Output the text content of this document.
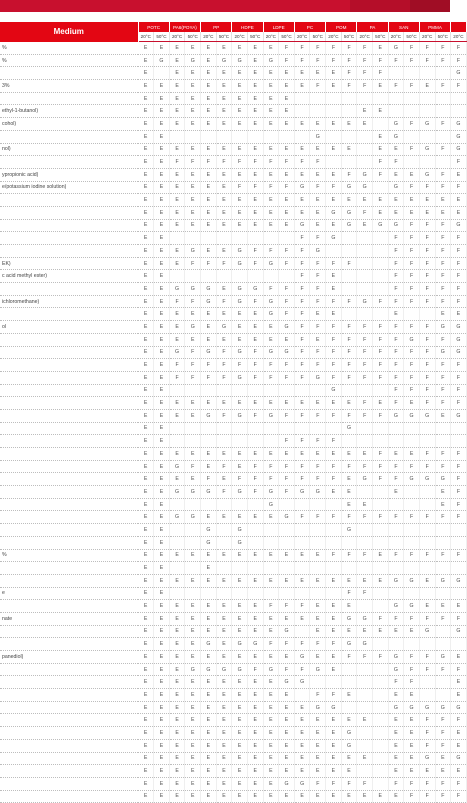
Medium	POTC		PA6(POYA)		PP		HDPE		LDPE		PC		POM		PA		SAN		PMMA		
	20°C	50°C	20°C	50°C	20°C	50°C	20°C	50°C	20°C	50°C	20°C	50°C	20°C	50°C	20°C	50°C	20°C	50°C	20°C	50°C	20°C
%	E	E	E	E	E	E	E	E	E	F	F	F	F	F	F	E	G	F	F	F	F
%	E	G	E	G	E	G	G	E	G	F	F	F	F	F	F	F	F	F	F	F	F
	E		E	E	E	E	E	E	E	E	E	E	E	F	F	F					G
3%	E	E	E	E	E	E	E	E	E	E	E	F	E	F	F	E	F	F	E	F	F
	E	E	E	E	E	E	E	E	E	E											
ethyl-1-butanol)	E	E	E	E	E	E	E	E	E	E					E	E					
cohol)	E	E	E	E	E	E	E	E	E	E	E	E	E	E	E		G	F	G	F	G
	E	E										G				E	G				G
nol)	E	E	E	E	E	E	E	E	E	E	E	E	E	E		E	E	F	G	F	G
	E	E	F	F	F	F	F	F	F	F	F	F				F	F				F
ypropionic acid)	E	E	E	E	E	E	E	E	E	E	E	E	E	F	G	F	E	E	G	F	E
e/potassium iodine solution)	E	E	E	E	E	E	F	F	F	F	G	F	F	G	G		G	F	F	F	F
	E	E	E	E	E	E	E	E	E	E	E	E	E	E	E	E	E	E	E	E	E
	E	E	E	E	E	E	E	E	E	E	E	E	G	G	F	E	E	E	E	E	E
	E	E	E	E	E	E	E	E	E	E	G	E	E	G	E	G	G	F	F	F	G
	E	E									F	F	G				F	F	F	F	F
	E	E	E	G	E	E	G	F	F	F	F	G					F	F	F	F	F
EK)	E	E	E	F	F	F	G	F	G	F	F	F	F	F			F	F	F	F	F
c acid methyl ester)	E	E									F	F	E				F	F	F	F	F
	E	E	G	G	G	E	G	G	F	F	F	F	E				F	F	F	F	F
ichloromethane)	E	E	F	F	G	F	G	F	G	F	F	F	F	F	G	F	F	F	F	F	F
	E	E	E	E	E	E	E	E	G	F	F	E	E				E			E	E
ol	E	E	E	G	E	G	E	E	E	G	F	F	F	F	F	F	F	F	F	G	G
	E	E	E	E	E	E	E	E	E	E	F	E	F	F	F	F	F	G	F	F	G
	E	E	G	F	G	F	G	F	G	G	F	F	F	F	F	F	F	F	F	G	G
	E	E	F	F	F	F	F	F	F	F	F	F	F	F	F	F	F	F	F	F	F
	E	E	F	F	F	F	G	F	F	F	F	G	F	F	F	F	F	F	F	F	F
	E	E											G				F	F	F	F	F
	E	E	E	E	E	E	E	E	E	E	E	E	E	E	F	E	F	E	F	F	F
	E	E	E	E	G	F	G	F	G	F	F	F	F	F	F	F	G	G	G	E	G
	E	E												G							
	E	E								F	F	F	F								
	E	E	E	E	E	E	E	E	E	E	E	E	E	E	E	F	E	E	F	F	F
	E	E	G	F	E	F	E	F	F	F	F	F	F	F	F	F	F	F	F	F	F
	E	E	E	E	F	E	F	F	F	F	F	F	F	E	G	F	F	G	G	G	F
	E	E	G	G	G	F	G	F	G	F	G	G	E	E			E			E	F
	E	E							G					E	E					E	F
	E	E	G	G	E	E	E	E	E	G	F	F	F	F	F	F	F	F	F	F	F
	E	E			G		G							G							
	E	E			G		G														
%	E	E	E	E	E	E	E	E	E	E	E	E	F	F	F	E	F	F	F	F	F
	E	E			E																
	E	E	E	E	E	E	E	E	E	E	E	E	E	E	E	E	G	G	E	G	G
e	E	E												F	F						
	E	E	E	E	E	E	E	E	F	F	F	E	E	E			G	G	E	E	E
nate	E	E	E	E	E	E	E	E	E	E	E	E	E	G	G	F	F	F	F	F	F
	E	E	E	E	E	E	E	E	E	G		E	E	E	E	E	E	E	G		G
	E	E	E	E	G	E	G	G	F	F	F	F	F	G	G						
panediol)	E	E	E	E	E	E	E	E	E	E	G	E	E	F	F	F	G	F	F	G	E
	E	E	E	G	G	G	G	F	G	F	F	G	E				G	F	F	F	F
	E	E	E	E	E	E	E	E	E	G	G						F	F			E
	E	E	E	E	E	E	E	E	E	E		F	F	E			E	E			E
	E	E	E	E	E	E	E	E	E	E	E	G	G				G	G	G	G	G
	E	E	E	E	E	E	E	E	E	E	E	E	E	E	E		E	E	F	F	F
	E	E	E	E	E	E	E	E	E	E	E	E	E	G			E	E	F	F	E
	E	E	E	E	E	E	E	E	E	E	E	E	E	G			E	E	F	F	E
	E	E	E	E	E	E	E	E	E	E	E	E	E	E	E		E	E	G	E	G
	E	E	E	E	E	E	E	E	E	E	E	E	E	E			E	E	E	E	E
	E	E	E	E	E	E	E	E	E	G	G	F	F	F	F		F	F	F	F	F
	E	E	E	E	E	E	E	E	E	E	E	E	E	E	E	E	E	F	F	F	F
